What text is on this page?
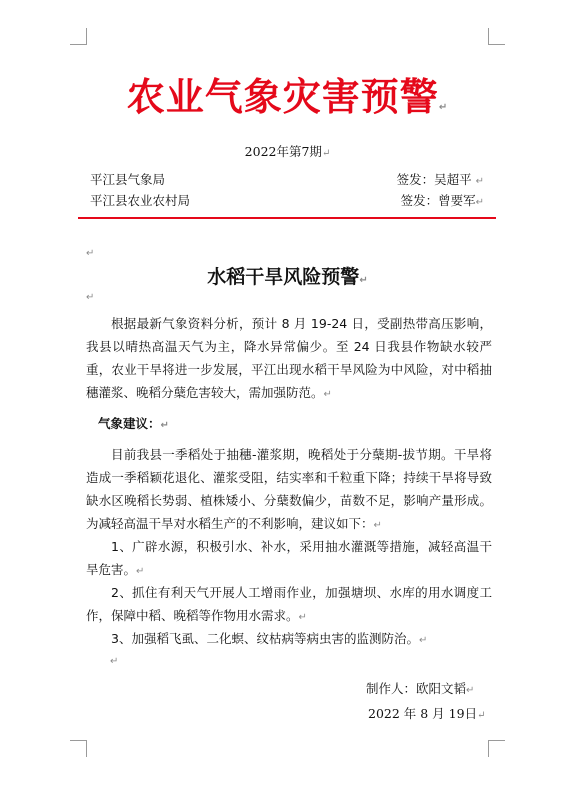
农业气象灾害预警↵
2022年第7期↵
平江县气象局	签发：吴超平 ↵
平江县农业农村局	签发：曾要军↵
↵
水稻干旱风险预警↵
↵
根据最新气象资料分析，预计 8 月 19-24 日，受副热带高压影响，我县以晴热高温天气为主，降水异常偏少。至 24 日我县作物缺水较严重，农业干旱将进一步发展，平江出现水稻干旱风险为中风险，对中稻抽穗灌浆、晚稻分蘖危害较大，需加强防范。↵
气象建议：↵
目前我县一季稻处于抽穗-灌浆期，晚稻处于分蘖期-拔节期。干旱将造成一季稻颖花退化、灌浆受阻，结实率和千粒重下降；持续干旱将导致缺水区晚稻长势弱、植株矮小、分蘖数偏少，苗数不足，影响产量形成。为减轻高温干旱对水稻生产的不利影响，建议如下：↵
1、广辟水源，积极引水、补水，采用抽水灌溉等措施，减轻高温干旱危害。↵
2、抓住有利天气开展人工增雨作业，加强塘坝、水库的用水调度工作，保障中稻、晚稻等作物用水需求。↵
3、加强稻飞虱、二化螟、纹枯病等病虫害的监测防治。↵
↵
制作人：欧阳文韬↵
2022 年 8 月 19日↵
